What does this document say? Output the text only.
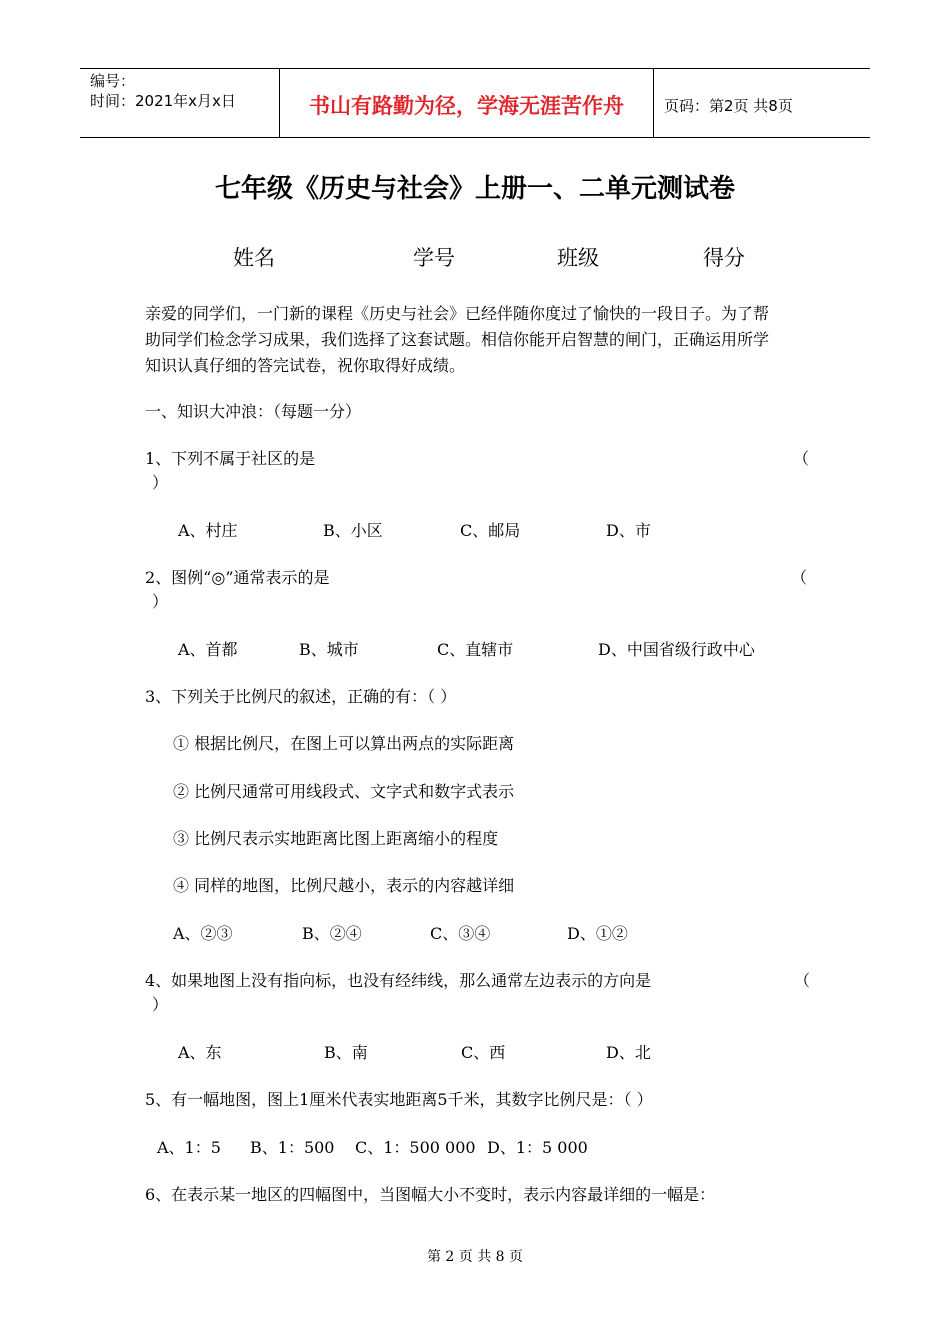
编号：
时间：2021年x月x日	书山有路勤为径，学海无涯苦作舟	页码：第2页 共8页
七年级《历史与社会》上册一、二单元测试卷
姓名	学号	班级	得分
亲爱的同学们，一门新的课程《历史与社会》已经伴随你度过了愉快的一段日子。为了帮
助同学们检念学习成果，我们选择了这套试题。相信你能开启智慧的闸门，正确运用所学
知识认真仔细的答完试卷，祝你取得好成绩。
一、知识大冲浪：（每题一分）
1、下列不属于社区的是	（
）
A、村庄	B、小区	C、邮局	D、市
2、图例“◎”通常表示的是	（
）
A、首都	B、城市	C、直辖市	D、中国省级行政中心
3、下列关于比例尺的叙述，正确的有：（ ）
① 根据比例尺，在图上可以算出两点的实际距离
② 比例尺通常可用线段式、文字式和数字式表示
③ 比例尺表示实地距离比图上距离缩小的程度
④ 同样的地图，比例尺越小，表示的内容越详细
A、②③	B、②④	C、③④	D、①②
4、如果地图上没有指向标，也没有经纬线，那么通常左边表示的方向是	（
）
A、东	B、南	C、西	D、北
5、有一幅地图，图上1厘米代表实地距离5千米，其数字比例尺是：（ ）
A、1：5 B、1：500 C、1：500 000 D、1：5 000
6、在表示某一地区的四幅图中，当图幅大小不变时，表示内容最详细的一幅是：
第 2 页 共 8 页
